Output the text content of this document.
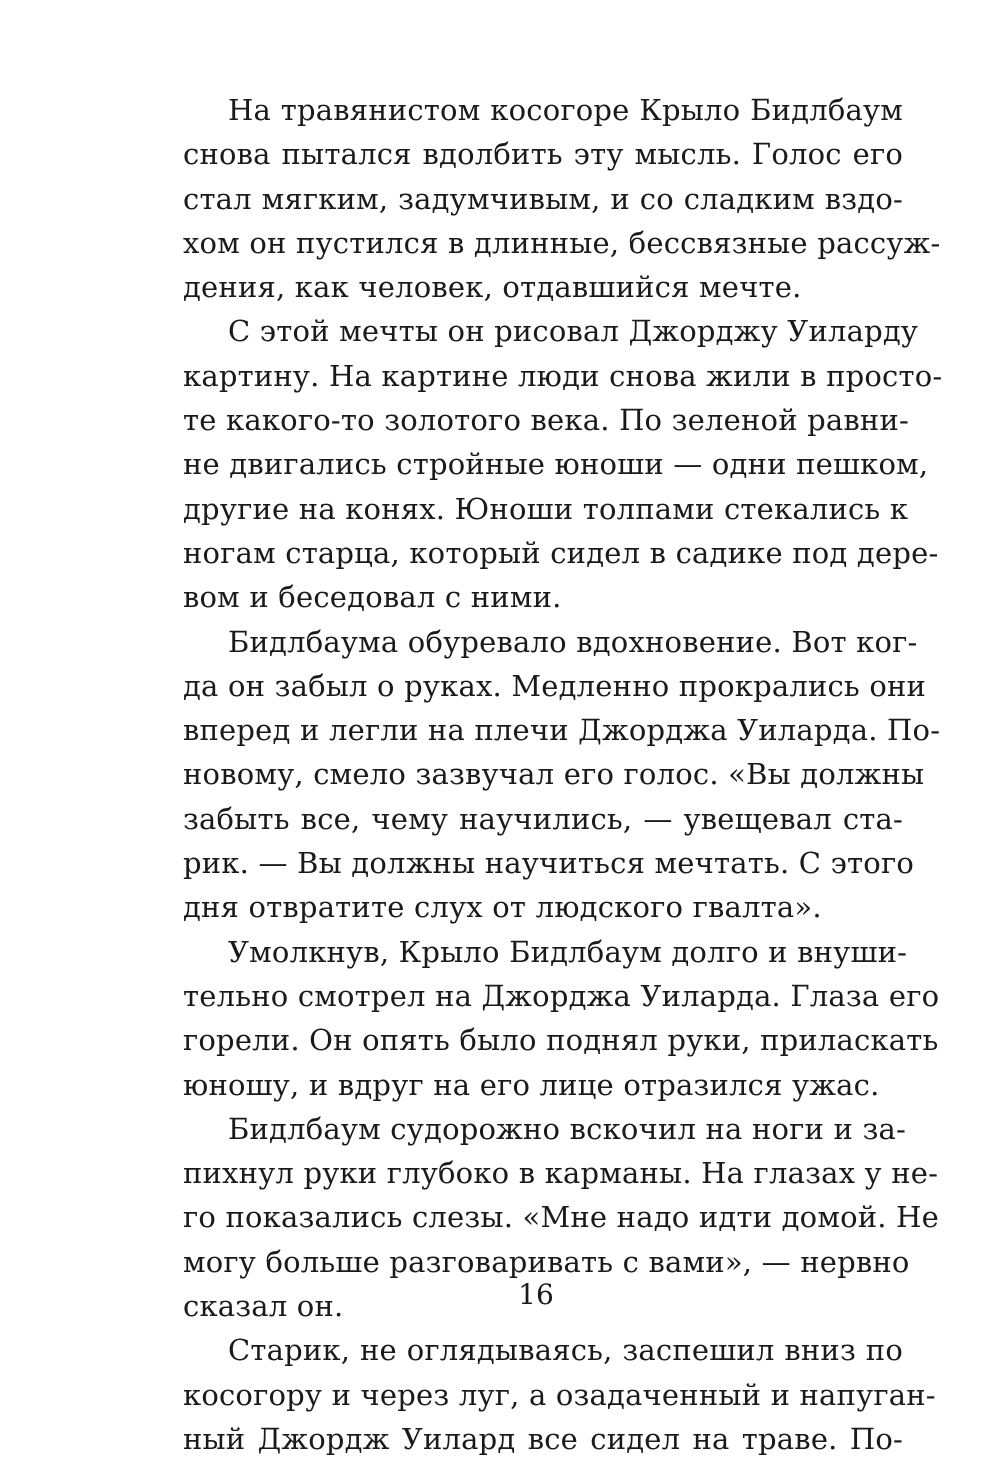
На травянистом косогоре Крыло Бидлбаум
снова пытался вдолбить эту мысль. Голос его
стал мягким, задумчивым, и со сладким вздо-
хом он пустился в длинные, бессвязные рассуж-
дения, как человек, отдавшийся мечте.
С этой мечты он рисовал Джорджу Уиларду
картину. На картине люди снова жили в просто-
те какого-то золотого века. По зеленой равни-
не двигались стройные юноши — одни пешком,
другие на конях. Юноши толпами стекались к
ногам старца, который сидел в садике под дере-
вом и беседовал с ними.
Бидлбаума обуревало вдохновение. Вот ког-
да он забыл о руках. Медленно прокрались они
вперед и легли на плечи Джорджа Уиларда. По-
новому, смело зазвучал его голос. «Вы должны
забыть все, чему научились, — увещевал ста-
рик. — Вы должны научиться мечтать. С этого
дня отвратите слух от людского гвалта».
Умолкнув, Крыло Бидлбаум долго и внуши-
тельно смотрел на Джорджа Уиларда. Глаза его
горели. Он опять было поднял руки, приласкать
юношу, и вдруг на его лице отразился ужас.
Бидлбаум судорожно вскочил на ноги и за-
пихнул руки глубоко в карманы. На глазах у не-
го показались слезы. «Мне надо идти домой. Не
могу больше разговаривать с вами», — нервно
сказал он.
Старик, не оглядываясь, заспешил вниз по
косогору и через луг, а озадаченный и напуган-
ный Джордж Уилард все сидел на траве. По-
16
